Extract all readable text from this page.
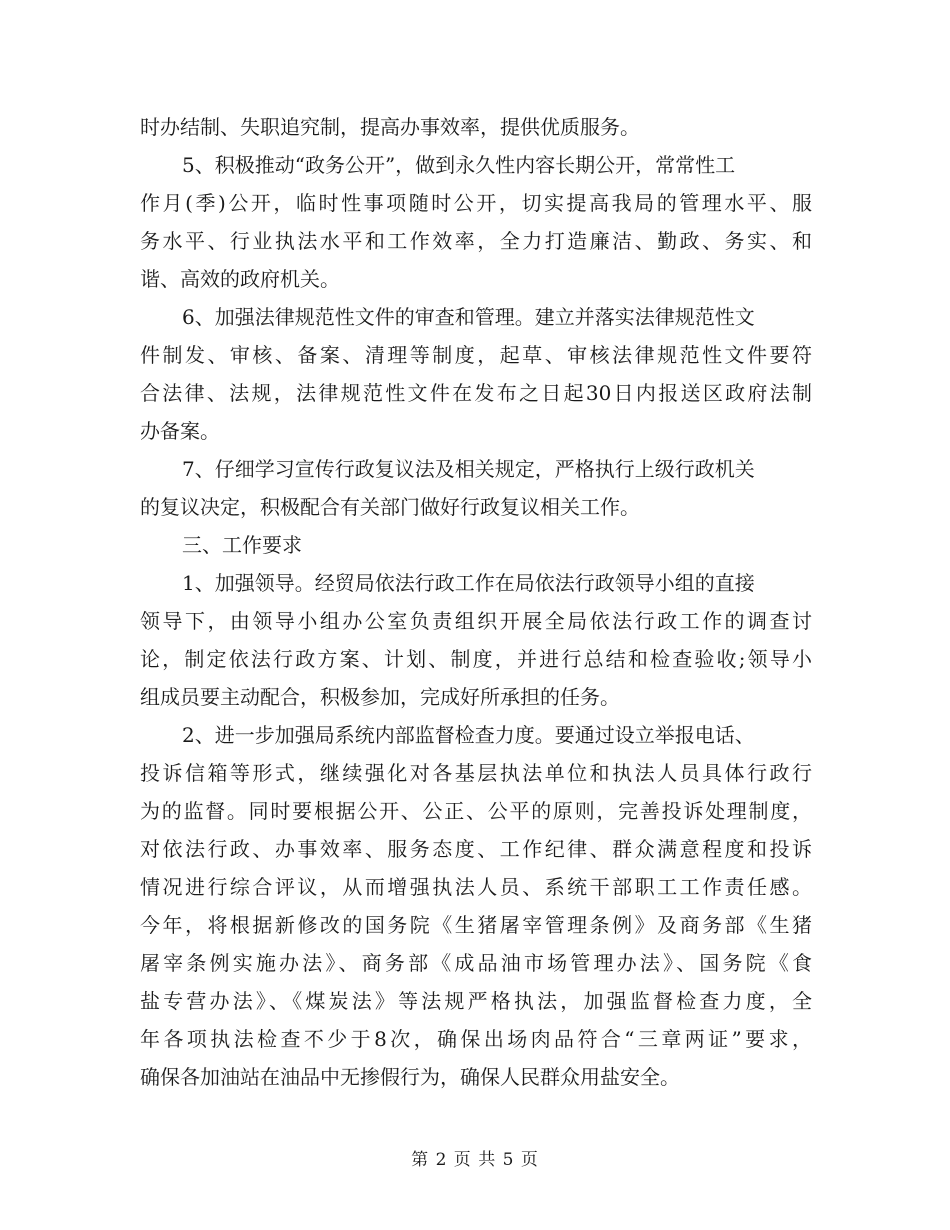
时办结制、失职追究制，提高办事效率，提供优质服务。
5、积极推动“政务公开”，做到永久性内容长期公开，常常性工
作月(季)公开，临时性事项随时公开，切实提高我局的管理水平、服
务水平、行业执法水平和工作效率，全力打造廉洁、勤政、务实、和
谐、高效的政府机关。
6、加强法律规范性文件的审查和管理。建立并落实法律规范性文
件制发、审核、备案、清理等制度，起草、审核法律规范性文件要符
合法律、法规，法律规范性文件在发布之日起30日内报送区政府法制
办备案。
7、仔细学习宣传行政复议法及相关规定，严格执行上级行政机关
的复议决定，积极配合有关部门做好行政复议相关工作。
三、工作要求
1、加强领导。经贸局依法行政工作在局依法行政领导小组的直接
领导下，由领导小组办公室负责组织开展全局依法行政工作的调查讨
论，制定依法行政方案、计划、制度，并进行总结和检查验收;领导小
组成员要主动配合，积极参加，完成好所承担的任务。
2、进一步加强局系统内部监督检查力度。要通过设立举报电话、
投诉信箱等形式，继续强化对各基层执法单位和执法人员具体行政行
为的监督。同时要根据公开、公正、公平的原则，完善投诉处理制度，
对依法行政、办事效率、服务态度、工作纪律、群众满意程度和投诉
情况进行综合评议，从而增强执法人员、系统干部职工工作责任感。
今年，将根据新修改的国务院《生猪屠宰管理条例》及商务部《生猪
屠宰条例实施办法》、商务部《成品油市场管理办法》、国务院《食
盐专营办法》、《煤炭法》等法规严格执法，加强监督检查力度，全
年各项执法检查不少于8次，确保出场肉品符合“三章两证”要求，
确保各加油站在油品中无掺假行为，确保人民群众用盐安全。
第 2 页 共 5 页
